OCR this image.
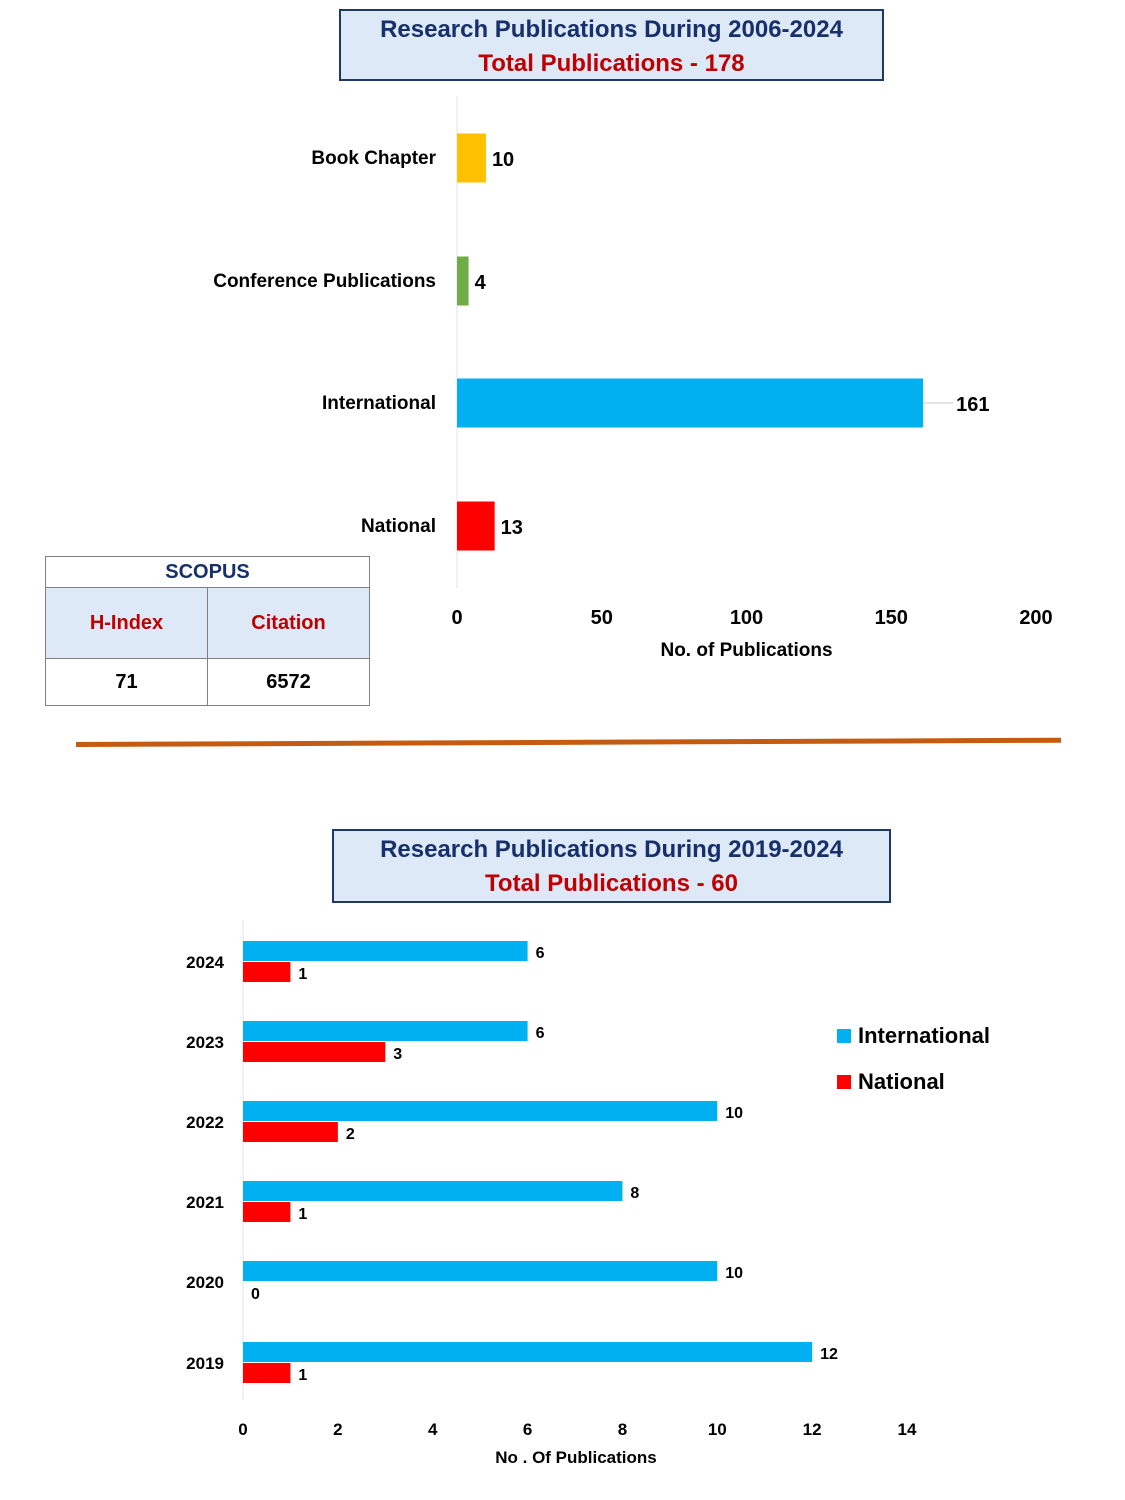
Research Publications During 2006-2024
Total Publications - 178
Book Chapter	10
Conference Publications 4
International	161
National	13
0	50	100	150	200
No. of Publications
SCOPUS	
H-Index	Citation
71	6572
Research Publications During 2019-2024
Total Publications - 60
2024	6
1
2023	6
3
2022	10
2
2021	8
1
2020	10
0
2019	12
1
0	2	4	6	8	10	12	14
No . Of Publications
International
National
